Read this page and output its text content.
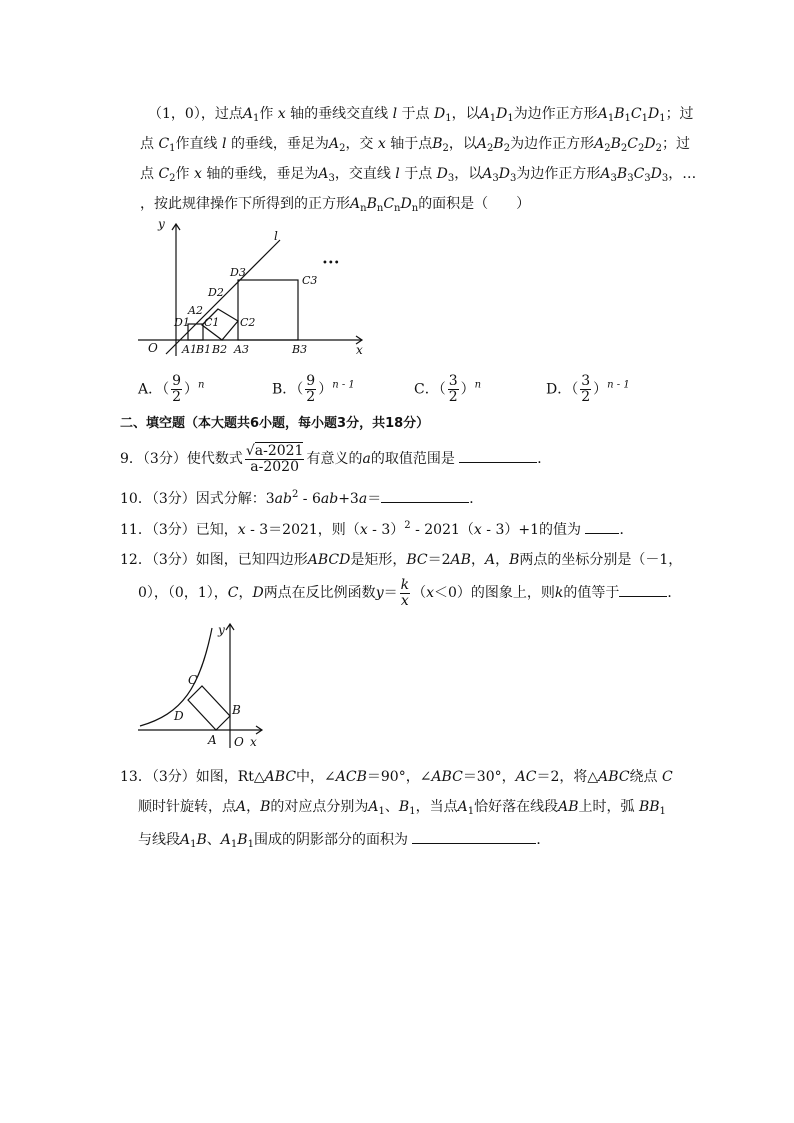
（1，0），过点$A_1$作 x 轴的垂线交直线 l 于点 $D_1$，以$A_1D_1$为边作正方形$A_1B_1C_1D_1$；过
点 $C_1$作直线 l 的垂线，垂足为$A_2$，交 x 轴于点$B_2$，以$A_2B_2$为边作正方形$A_2B_2C_2D_2$；过
点 $C_2$作 x 轴的垂线，垂足为$A_3$，交直线 l 于点 $D_3$，以$A_3D_3$为边作正方形$A_3B_3C_3D_3$，…
，按此规律操作下所得到的正方形$A_nB_nC_nD_n$的面积是（　　）
y
x
l
O
•••
D1
A2
C1
D2
C2
D3
C3
A1 B1 B2 A3	B3
A．（ $\frac{9}{2} )^n$	B．（ $\frac{9}{2} )^{n - 1}$	C．（ $\frac{3}{2} )^n$	D．（ $\frac{3}{2} )^{n - 1}$
二、填空题（本大题共6小题，每小题3分，共18分）
9．（3分）使代数式 $\frac{√a-2021}{a-2020}$ 有意义的a的取值范围是	．
10．（3分）因式分解：$3ab^2 - 6ab+3a=$	．
11．（3分）已知，x - 3＝2021，则（x - 3）$^2$ - 2021（x - 3）+1的值为	．
12．（3分）如图，已知四边形ABCD是矩形，BC＝2AB，A，B两点的坐标分别是（－1，
0），（0，1），C，D两点在反比例函数$y= \frac{k}{x} (x<0)$的图象上，则k的值等于	．
y
x
O
A
B
C
D
13．（3分）如图，Rt△ABC中，∠ACB＝90°，∠ABC＝30°，AC＝2，将△ABC绕点 C
顺时针旋转，点A，B的对应点分别为$A_1$、$B_1$，当点$A_1$恰好落在线段AB上时，弧 $BB_1$
与线段$A_1B$、$A_1B_1$围成的阴影部分的面积为	．
